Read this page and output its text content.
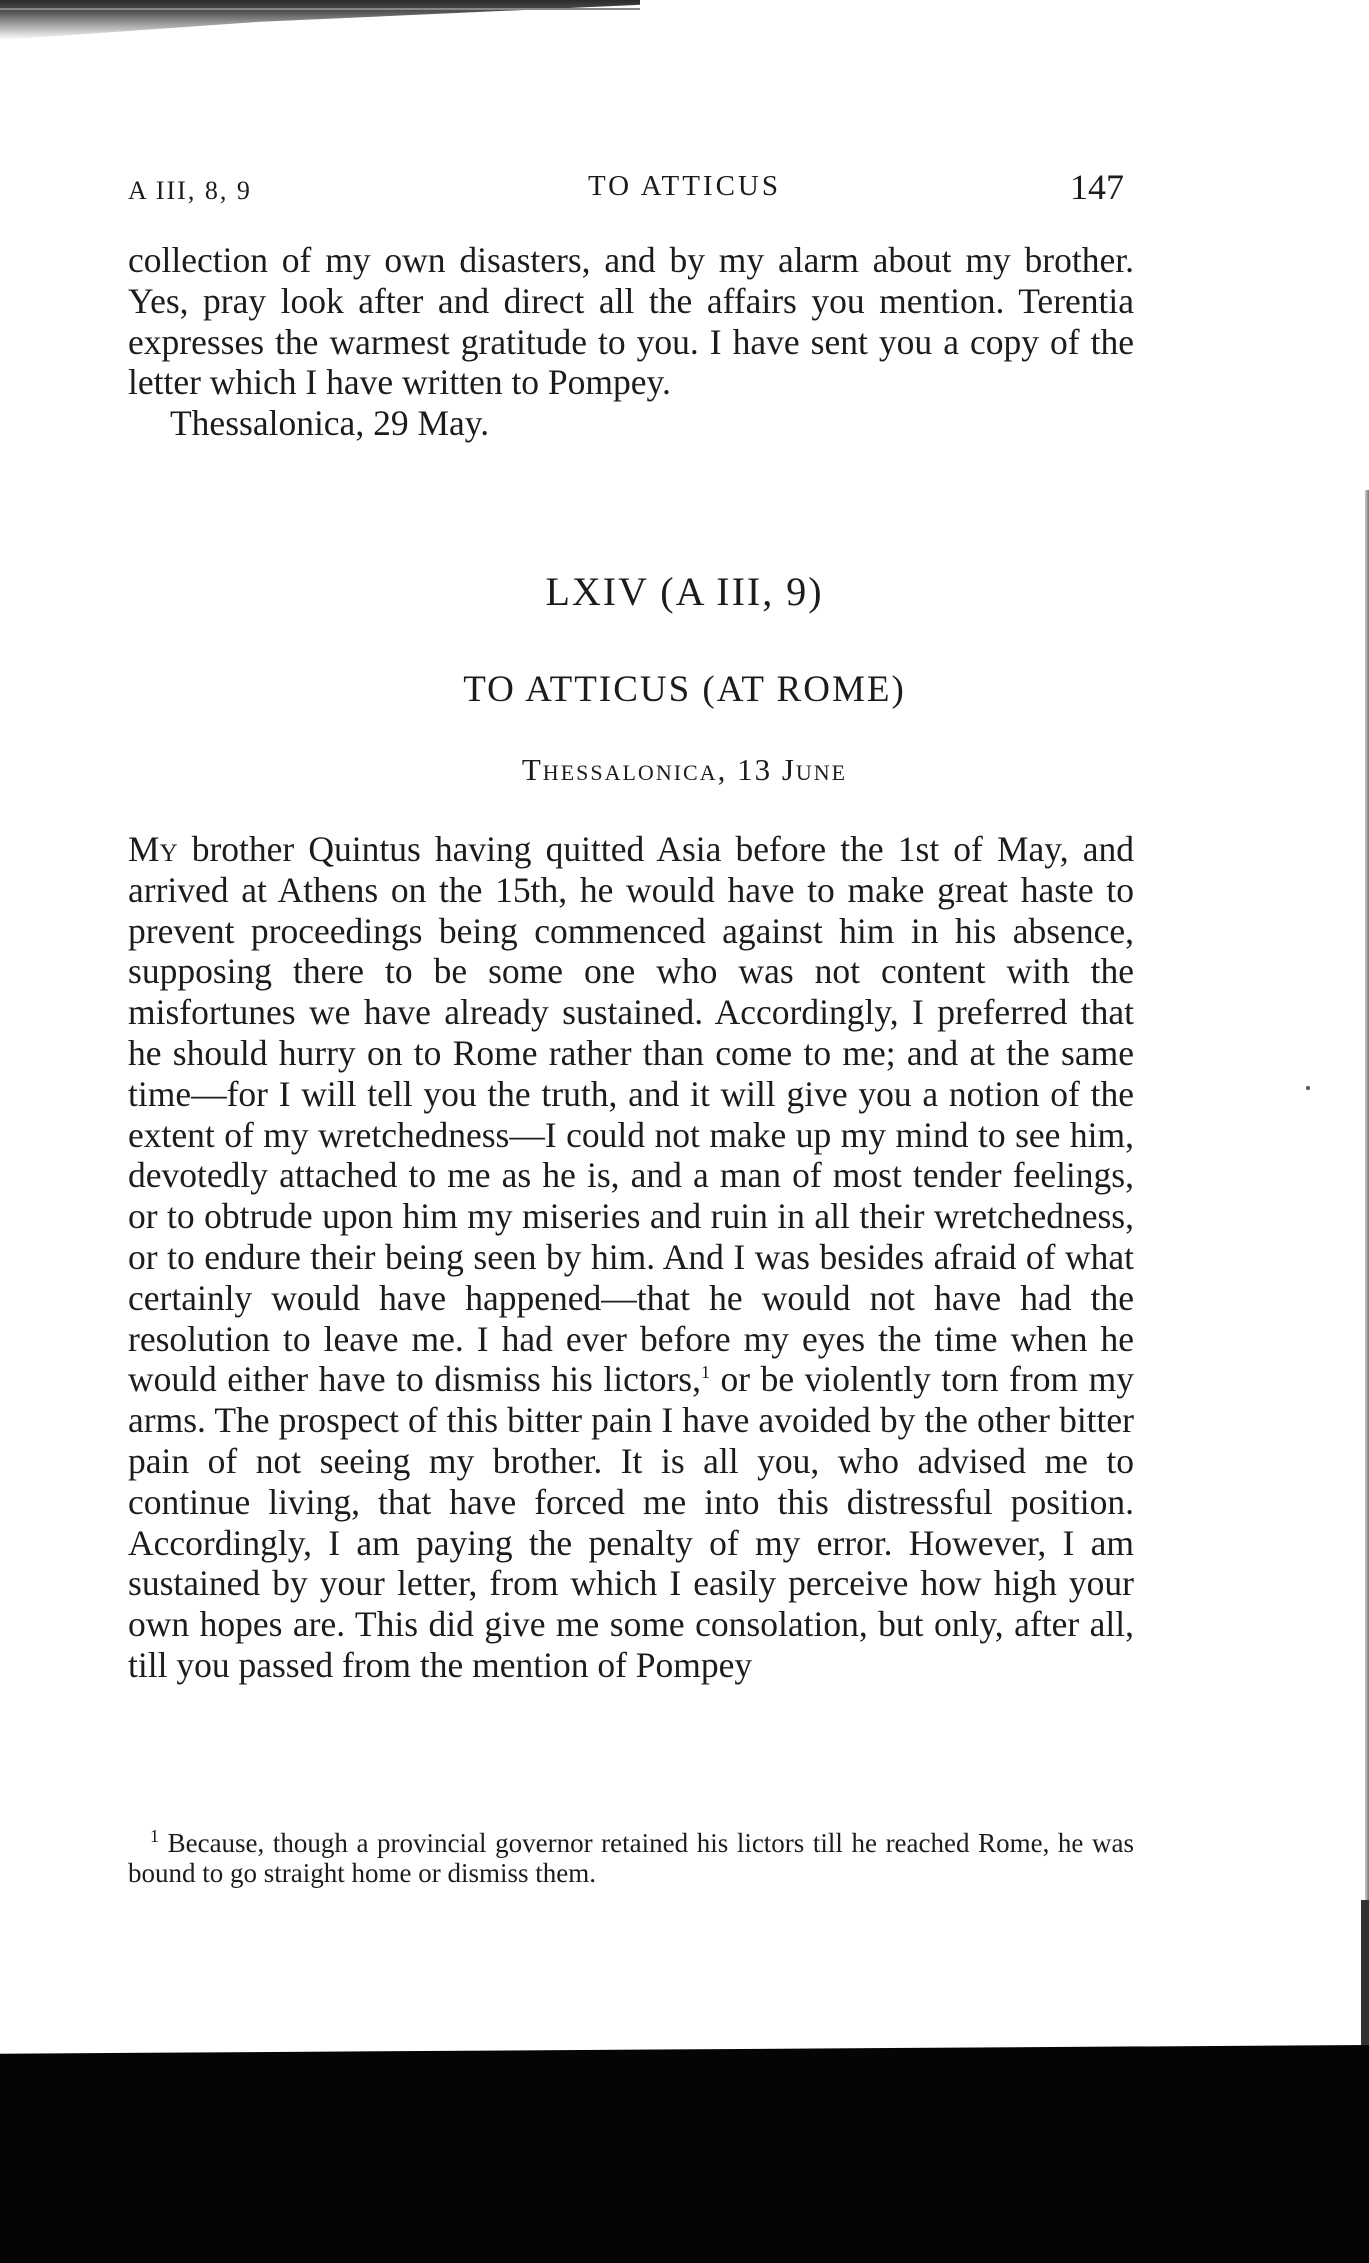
A III, 8, 9	TO ATTICUS	147

collection of my own disasters, and by my alarm about my brother. Yes, pray look after and direct all the affairs you mention. Terentia expresses the warmest gratitude to you. I have sent you a copy of the letter which I have written to Pompey.

Thessalonica, 29 May.

LXIV (A III, 9)
TO ATTICUS (AT ROME)
Thessalonica, 13 June

My brother Quintus having quitted Asia before the 1st of May, and arrived at Athens on the 15th, he would have to make great haste to prevent proceedings being commenced against him in his absence, supposing there to be some one who was not content with the misfortunes we have already sustained. Accordingly, I preferred that he should hurry on to Rome rather than come to me; and at the same time—for I will tell you the truth, and it will give you a notion of the extent of my wretchedness—I could not make up my mind to see him, devotedly attached to me as he is, and a man of most tender feelings, or to obtrude upon him my miseries and ruin in all their wretchedness, or to endure their being seen by him. And I was besides afraid of what certainly would have happened—that he would not have had the resolution to leave me. I had ever before my eyes the time when he would either have to dismiss his lictors,$^1$ or be violently torn from my arms. The prospect of this bitter pain I have avoided by the other bitter pain of not seeing my brother. It is all you, who advised me to continue living, that have forced me into this distressful position. Accordingly, I am paying the penalty of my error. However, I am sustained by your letter, from which I easily perceive how high your own hopes are. This did give me some consolation, but only, after all, till you passed from the mention of Pompey

$^1$ Because, though a provincial governor retained his lictors till he reached Rome, he was bound to go straight home or dismiss them.
